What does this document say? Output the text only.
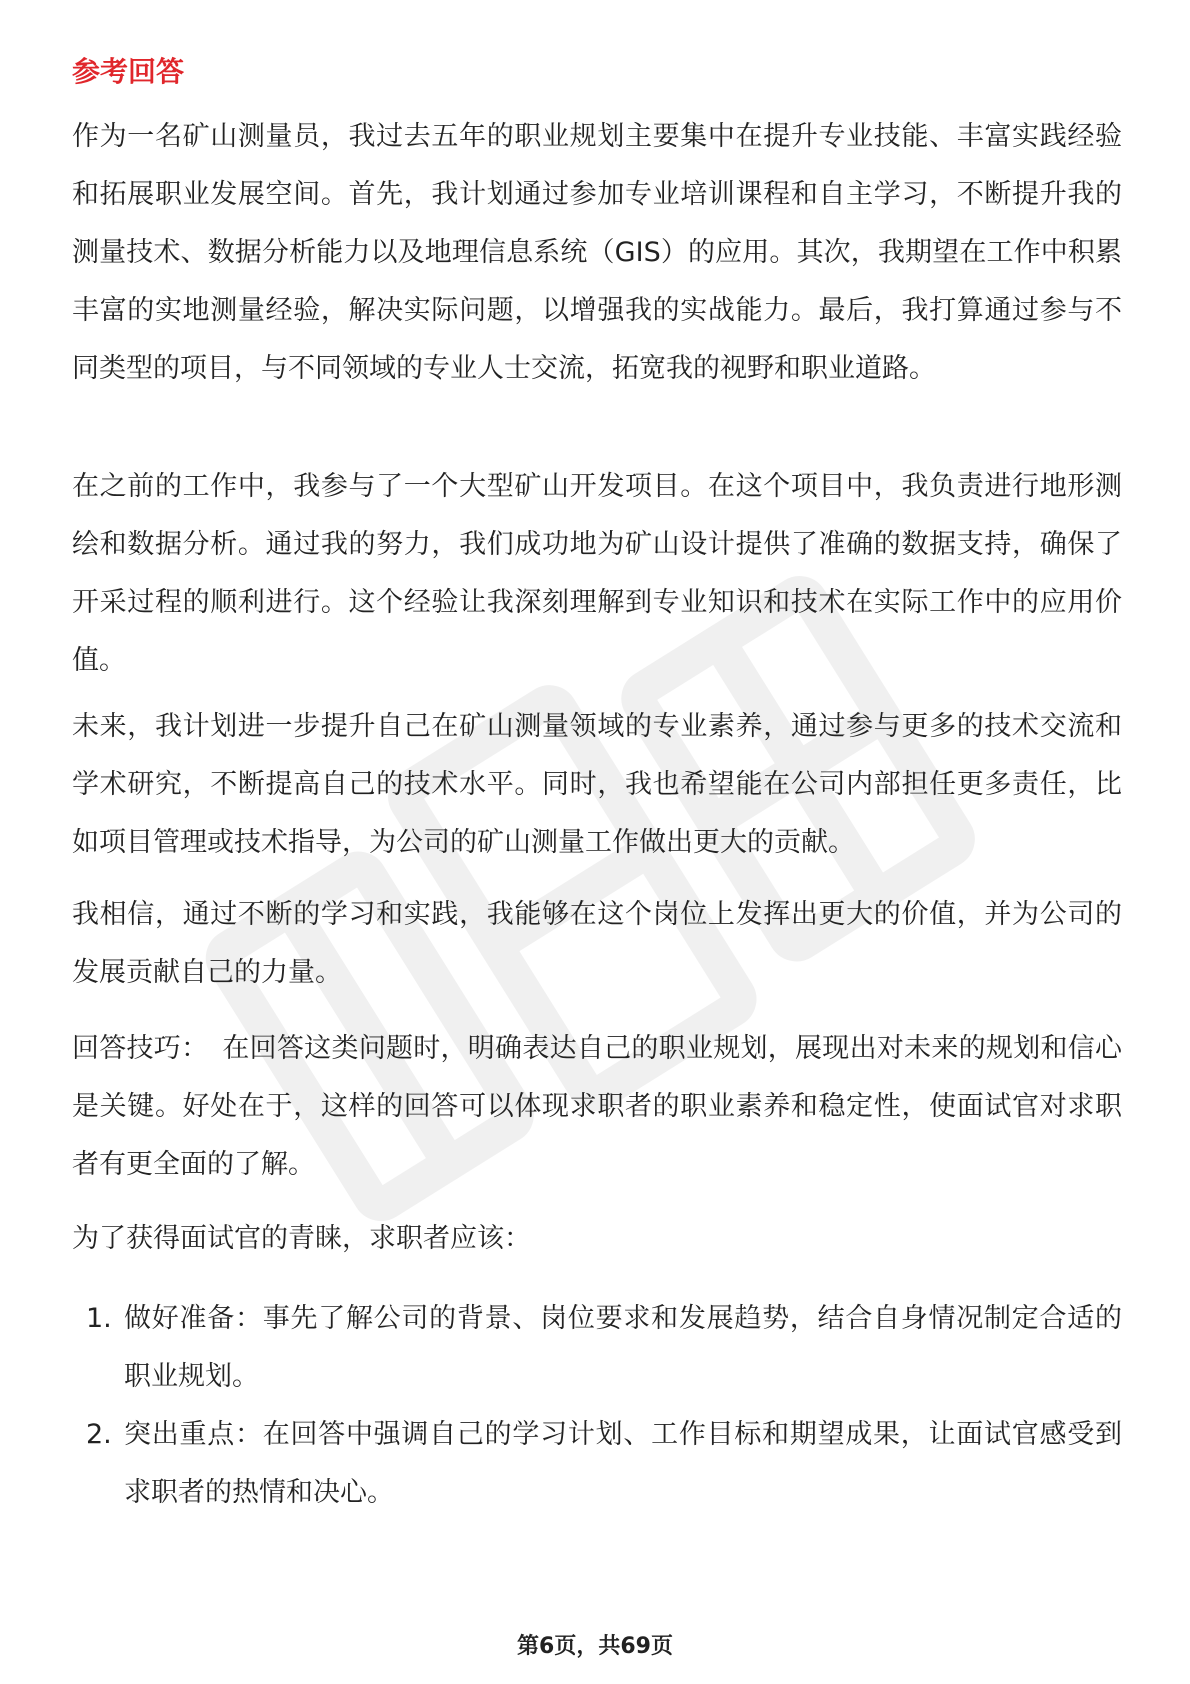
参考回答

作为一名矿山测量员，我过去五年的职业规划主要集中在提升专业技能、丰富实践经验和拓展职业发展空间。首先，我计划通过参加专业培训课程和自主学习，不断提升我的测量技术、数据分析能力以及地理信息系统（GIS）的应用。其次，我期望在工作中积累丰富的实地测量经验，解决实际问题，以增强我的实战能力。最后，我打算通过参与不同类型的项目，与不同领域的专业人士交流，拓宽我的视野和职业道路。

在之前的工作中，我参与了一个大型矿山开发项目。在这个项目中，我负责进行地形测绘和数据分析。通过我的努力，我们成功地为矿山设计提供了准确的数据支持，确保了开采过程的顺利进行。这个经验让我深刻理解到专业知识和技术在实际工作中的应用价值。

未来，我计划进一步提升自己在矿山测量领域的专业素养，通过参与更多的技术交流和学术研究，不断提高自己的技术水平。同时，我也希望能在公司内部担任更多责任，比如项目管理或技术指导，为公司的矿山测量工作做出更大的贡献。

我相信，通过不断的学习和实践，我能够在这个岗位上发挥出更大的价值，并为公司的发展贡献自己的力量。

回答技巧： 在回答这类问题时，明确表达自己的职业规划，展现出对未来的规划和信心是关键。好处在于，这样的回答可以体现求职者的职业素养和稳定性，使面试官对求职者有更全面的了解。

为了获得面试官的青睐，求职者应该：

1. 做好准备：事先了解公司的背景、岗位要求和发展趋势，结合自身情况制定合适的职业规划。
2. 突出重点：在回答中强调自己的学习计划、工作目标和期望成果，让面试官感受到求职者的热情和决心。
第6页，共69页
